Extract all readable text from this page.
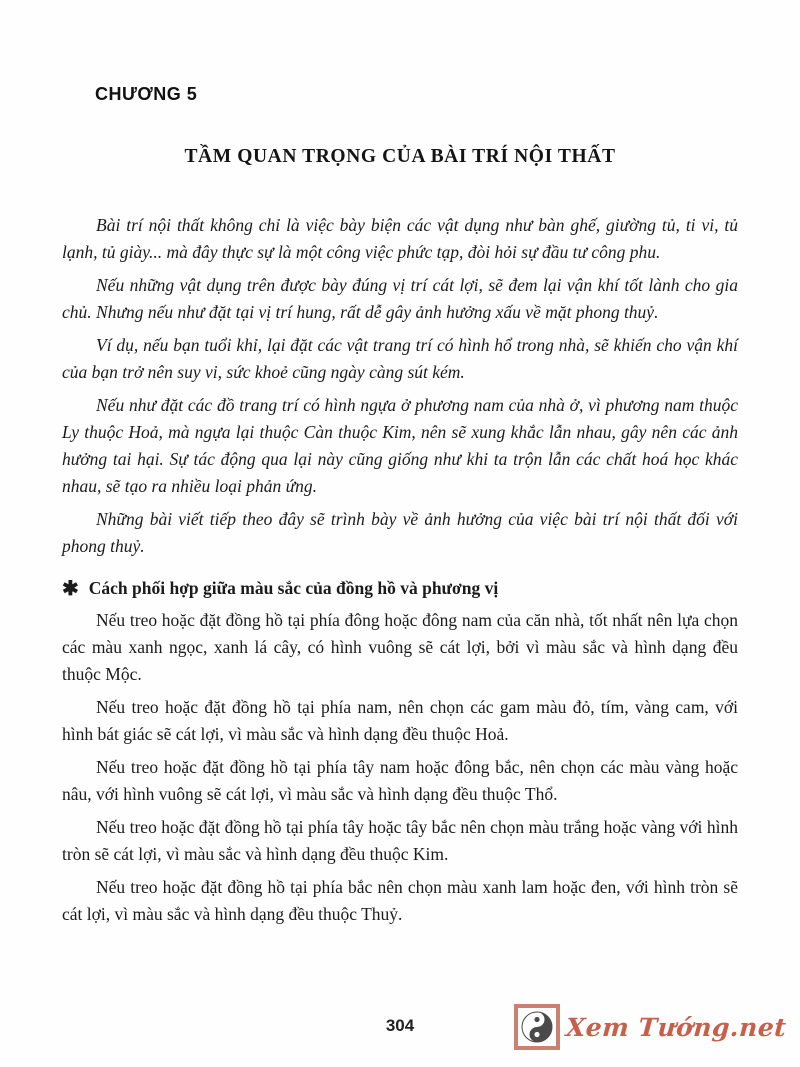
CHƯƠNG 5
TẦM QUAN TRỌNG CỦA BÀI TRÍ NỘI THẤT

Bài trí nội thất không chỉ là việc bày biện các vật dụng như bàn ghế, giường tủ, ti vi, tủ lạnh, tủ giày... mà đây thực sự là một công việc phức tạp, đòi hỏi sự đầu tư công phu.

Nếu những vật dụng trên được bày đúng vị trí cát lợi, sẽ đem lại vận khí tốt lành cho gia chủ. Nhưng nếu như đặt tại vị trí hung, rất dễ gây ảnh hưởng xấu về mặt phong thuỷ.

Ví dụ, nếu bạn tuổi khỉ, lại đặt các vật trang trí có hình hổ trong nhà, sẽ khiến cho vận khí của bạn trở nên suy vi, sức khoẻ cũng ngày càng sút kém.

Nếu như đặt các đồ trang trí có hình ngựa ở phương nam của nhà ở, vì phương nam thuộc Ly thuộc Hoả, mà ngựa lại thuộc Càn thuộc Kim, nên sẽ xung khắc lẫn nhau, gây nên các ảnh hưởng tai hại. Sự tác động qua lại này cũng giống như khi ta trộn lẫn các chất hoá học khác nhau, sẽ tạo ra nhiều loại phản ứng.

Những bài viết tiếp theo đây sẽ trình bày về ảnh hưởng của việc bài trí nội thất đối với phong thuỷ.

✱ Cách phối hợp giữa màu sắc của đồng hồ và phương vị

Nếu treo hoặc đặt đồng hồ tại phía đông hoặc đông nam của căn nhà, tốt nhất nên lựa chọn các màu xanh ngọc, xanh lá cây, có hình vuông sẽ cát lợi, bởi vì màu sắc và hình dạng đều thuộc Mộc.

Nếu treo hoặc đặt đồng hồ tại phía nam, nên chọn các gam màu đỏ, tím, vàng cam, với hình bát giác sẽ cát lợi, vì màu sắc và hình dạng đều thuộc Hoả.

Nếu treo hoặc đặt đồng hồ tại phía tây nam hoặc đông bắc, nên chọn các màu vàng hoặc nâu, với hình vuông sẽ cát lợi, vì màu sắc và hình dạng đều thuộc Thổ.

Nếu treo hoặc đặt đồng hồ tại phía tây hoặc tây bắc nên chọn màu trắng hoặc vàng với hình tròn sẽ cát lợi, vì màu sắc và hình dạng đều thuộc Kim.

Nếu treo hoặc đặt đồng hồ tại phía bắc nên chọn màu xanh lam hoặc đen, với hình tròn sẽ cát lợi, vì màu sắc và hình dạng đều thuộc Thuỷ.

304	Xem Tướng.net
